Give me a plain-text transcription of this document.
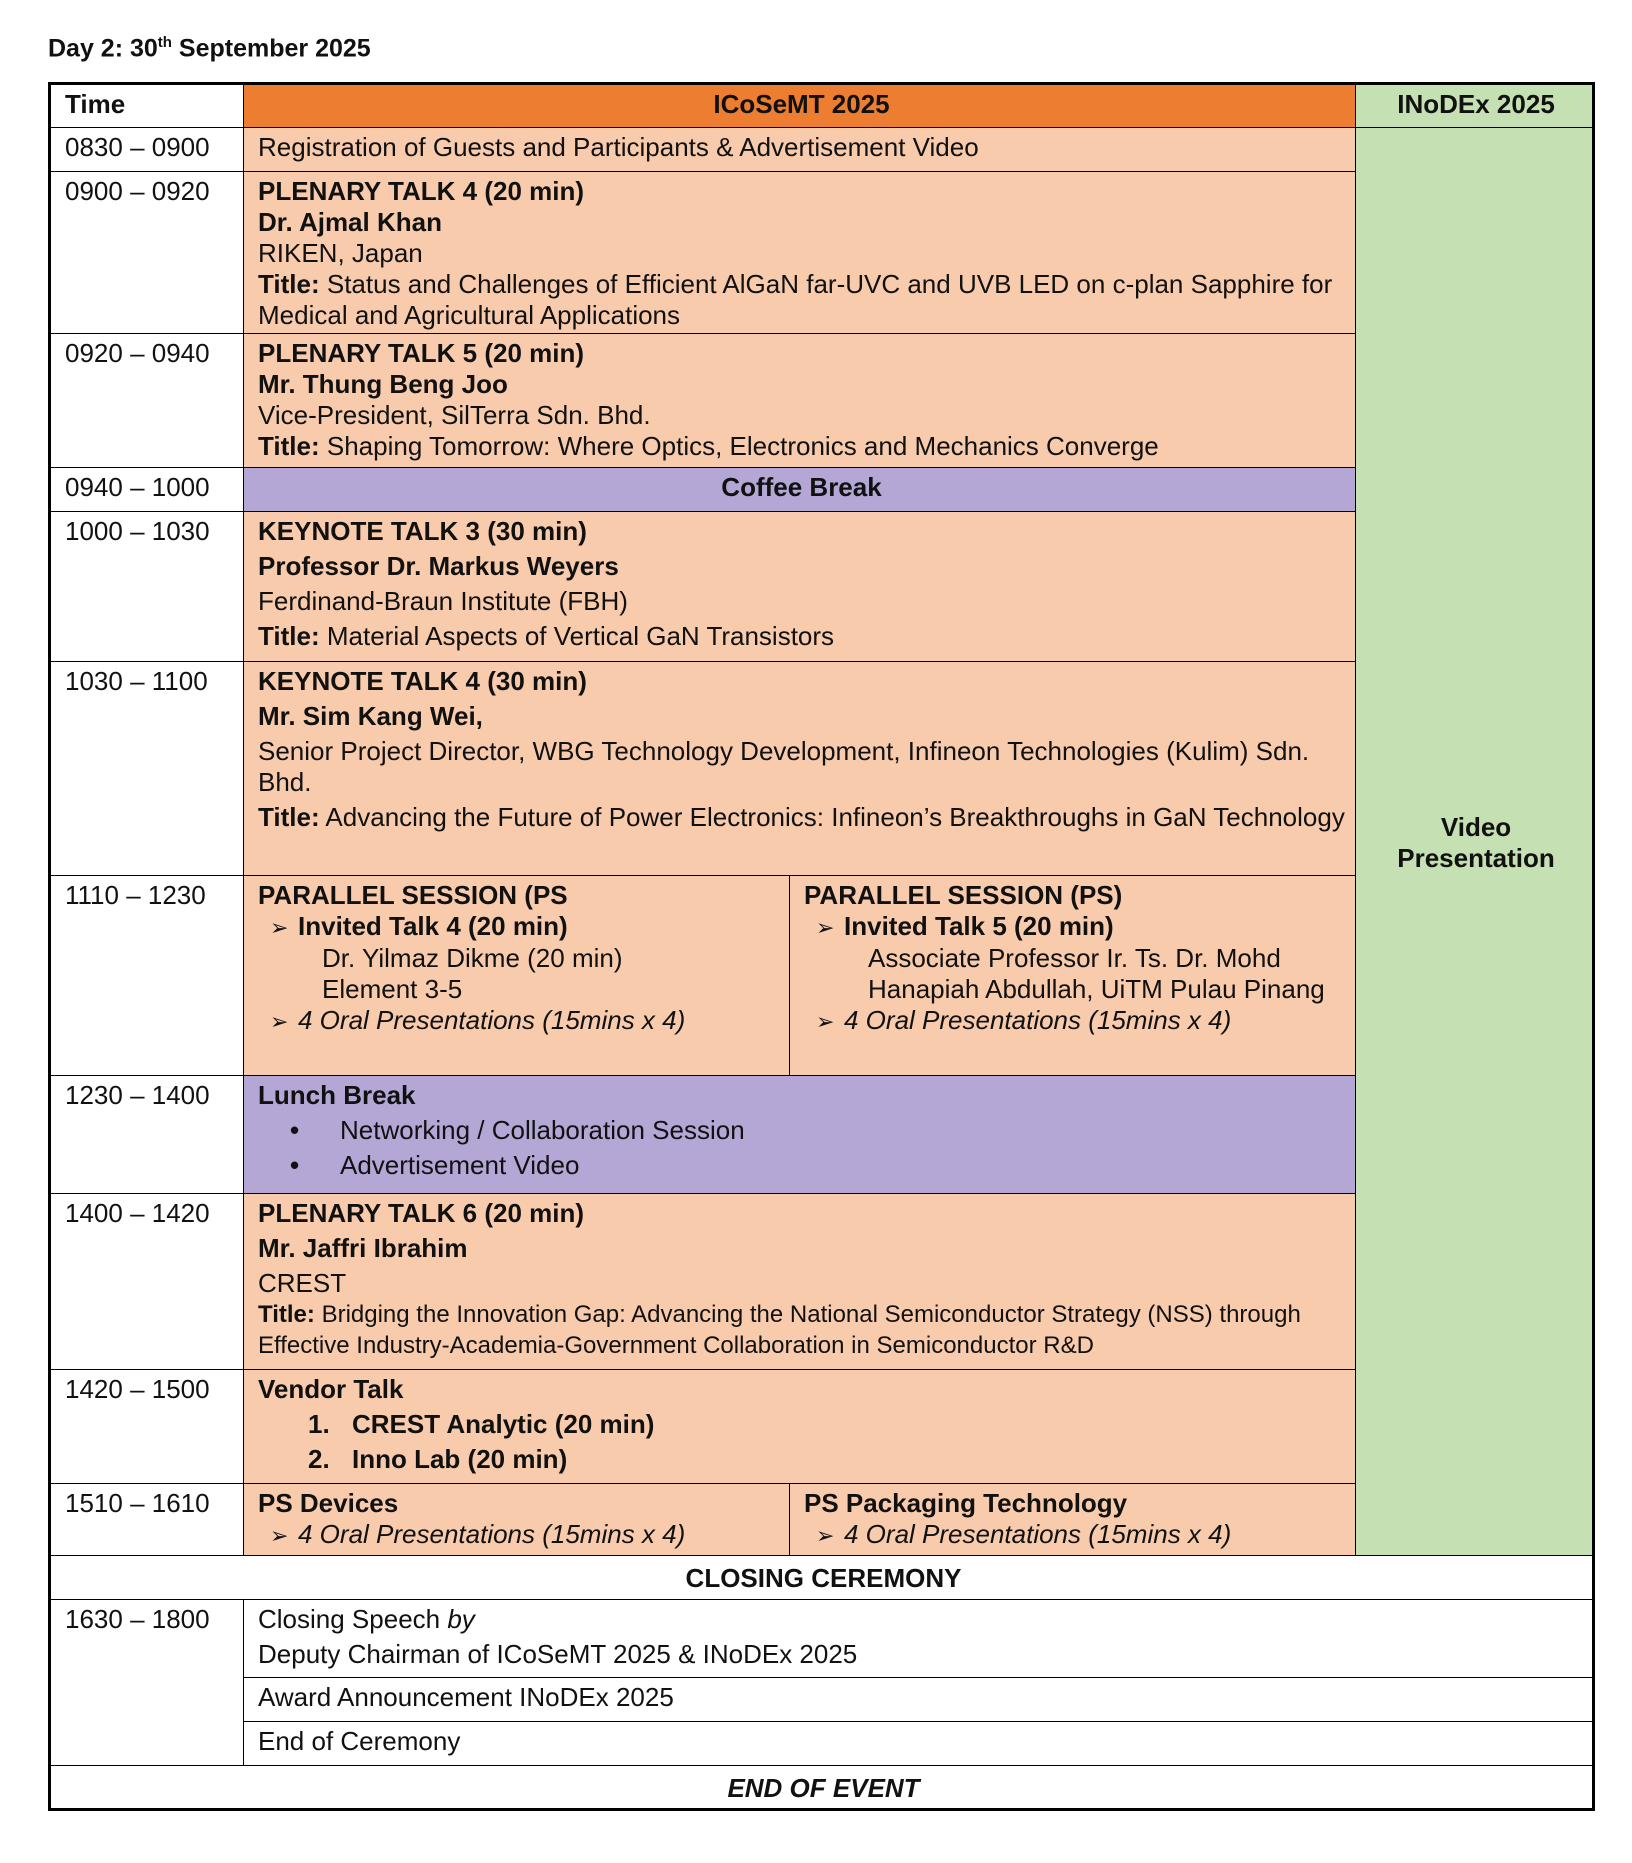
Day 2: 30th September 2025
Time	ICoSeMT 2025		INoDEx 2025
0830 – 0900	Registration of Guests and Participants & Advertisement Video		Video
Presentation

0900 – 0920	PLENARY TALK 4 (20 min)
Dr. Ajmal Khan
RIKEN, Japan
Title: Status and Challenges of Efficient AlGaN far-UVC and UVB LED on c-plan Sapphire for Medical and Agricultural Applications		

0920 – 0940	PLENARY TALK 5 (20 min)
Mr. Thung Beng Joo
Vice-President, SilTerra Sdn. Bhd.
Title: Shaping Tomorrow: Where Optics, Electronics and Mechanics Converge		

0940 – 1000	Coffee Break		
1000 – 1030	KEYNOTE TALK 3 (30 min)
Professor Dr. Markus Weyers
Ferdinand-Braun Institute (FBH)
Title: Material Aspects of Vertical GaN Transistors		

1030 – 1100	KEYNOTE TALK 4 (30 min)
Mr. Sim Kang Wei,
Senior Project Director, WBG Technology Development, Infineon Technologies (Kulim) Sdn. Bhd.
Title: Advancing the Future of Power Electronics: Infineon’s Breakthroughs in GaN Technology		

1110 – 1230	PARALLEL SESSION (PS
➢ Invited Talk 4 (20 min)
Dr. Yilmaz Dikme (20 min)
Element 3-5
➢ 4 Oral Presentations (15mins x 4)	PARALLEL SESSION (PS)
➢ Invited Talk 5 (20 min)
Associate Professor Ir. Ts. Dr. Mohd Hanapiah Abdullah, UiTM Pulau Pinang
➢ 4 Oral Presentations (15mins x 4)

1230 – 1400	Lunch Break
• Networking / Collaboration Session
• Advertisement Video		

1400 – 1420	PLENARY TALK 6 (20 min)
Mr. Jaffri Ibrahim
CREST
Title: Bridging the Innovation Gap: Advancing the National Semiconductor Strategy (NSS) through Effective Industry-Academia-Government Collaboration in Semiconductor R&D		

1420 – 1500	Vendor Talk
1. CREST Analytic (20 min)
2. Inno Lab (20 min)		

1510 – 1610	PS Devices
➢ 4 Oral Presentations (15mins x 4)	PS Packaging Technology
➢ 4 Oral Presentations (15mins x 4)

CLOSING CEREMONY			
1630 – 1800	Closing Speech by
Deputy Chairman of ICoSeMT 2025 & INoDEx 2025		

	Award Announcement INoDEx 2025		
	End of Ceremony		
END OF EVENT			
